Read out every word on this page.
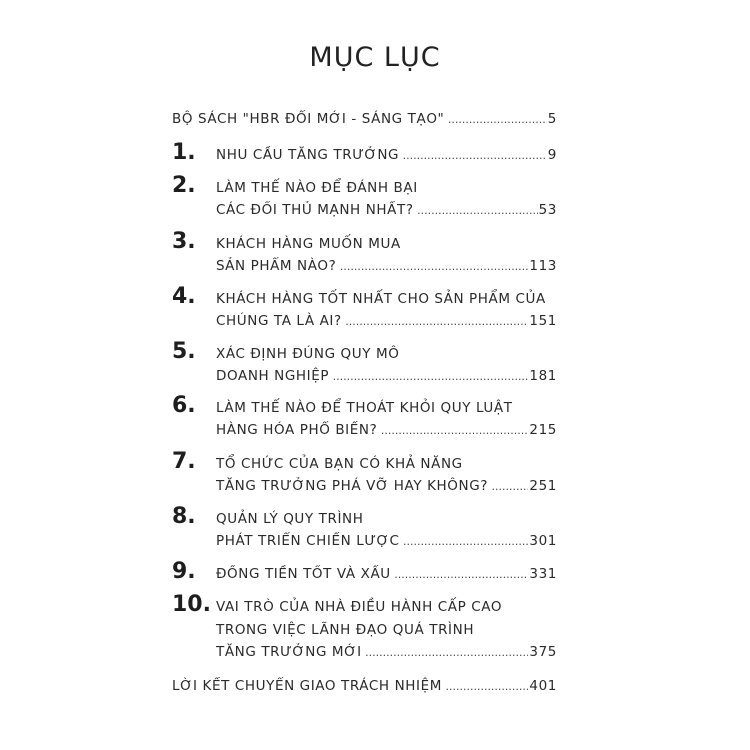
MỤC LỤC
BỘ SÁCH "HBR ĐỔI MỚI - SÁNG TẠO" .....	5
1. NHU CẦU TĂNG TRƯỞNG .....	9
2. LÀM THẾ NÀO ĐỂ ĐÁNH BẠI
CÁC ĐỐI THỦ MẠNH NHẤT? .....	53
3. KHÁCH HÀNG MUỐN MUA
SẢN PHẨM NÀO? .....	113
4. KHÁCH HÀNG TỐT NHẤT CHO SẢN PHẨM CỦA
CHÚNG TA LÀ AI? .....	151
5. XÁC ĐỊNH ĐÚNG QUY MÔ
DOANH NGHIỆP .....	181
6. LÀM THẾ NÀO ĐỂ THOÁT KHỎI QUY LUẬT
HÀNG HÓA PHỔ BIẾN? .....	215
7. TỔ CHỨC CỦA BẠN CÓ KHẢ NĂNG
TĂNG TRƯỞNG PHÁ VỠ HAY KHÔNG? .....	251
8. QUẢN LÝ QUY TRÌNH
PHÁT TRIỂN CHIẾN LƯỢC .....	301
9. ĐỒNG TIỀN TỐT VÀ XẤU .....	331
10. VAI TRÒ CỦA NHÀ ĐIỀU HÀNH CẤP CAO
TRONG VIỆC LÃNH ĐẠO QUÁ TRÌNH
TĂNG TRƯỞNG MỚI .....	375
LỜI KẾT CHUYỂN GIAO TRÁCH NHIỆM .....	401
